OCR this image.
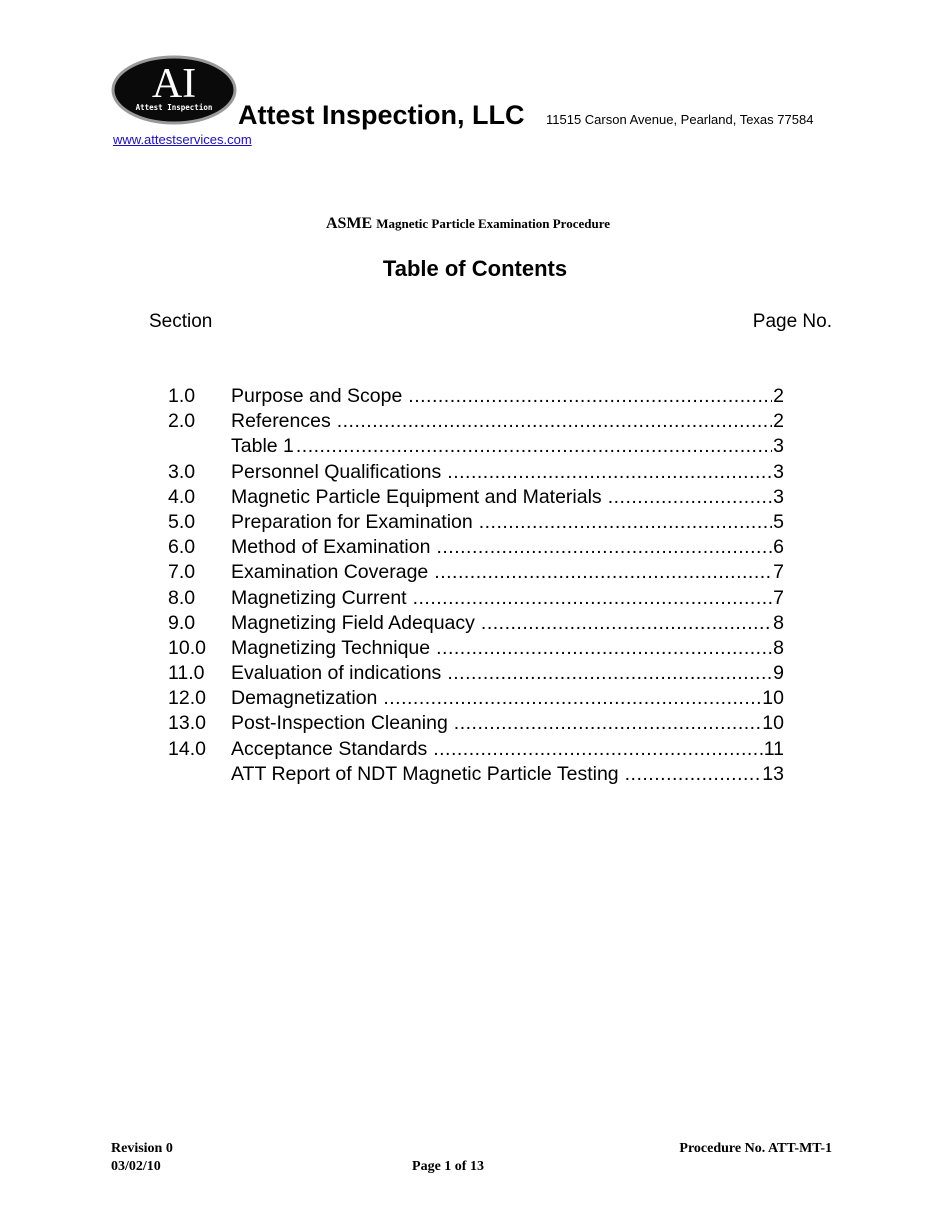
AI
Attest Inspection Attest Inspection, LLC 11515 Carson Avenue, Pearland, Texas 77584
www.attestservices.com
ASME Magnetic Particle Examination Procedure
Table of Contents
Section	Page No.
1.0	Purpose and Scope .....	2
2.0	References .....	2
Table 1 .....	3
3.0	Personnel Qualifications .....	3
4.0	Magnetic Particle Equipment and Materials .....	3
5.0	Preparation for Examination .....	5
6.0	Method of Examination .....	6
7.0	Examination Coverage .....	7
8.0	Magnetizing Current .....	7
9.0	Magnetizing Field Adequacy .....	8
10.0	Magnetizing Technique .....	8
11.0	Evaluation of indications .....	9
12.0	Demagnetization .....	10
13.0	Post-Inspection Cleaning .....	10
14.0	Acceptance Standards .....	11
ATT Report of NDT Magnetic Particle Testing .....	13
Revision 0
03/02/10
Procedure No. ATT-MT-1
Page 1 of 13
